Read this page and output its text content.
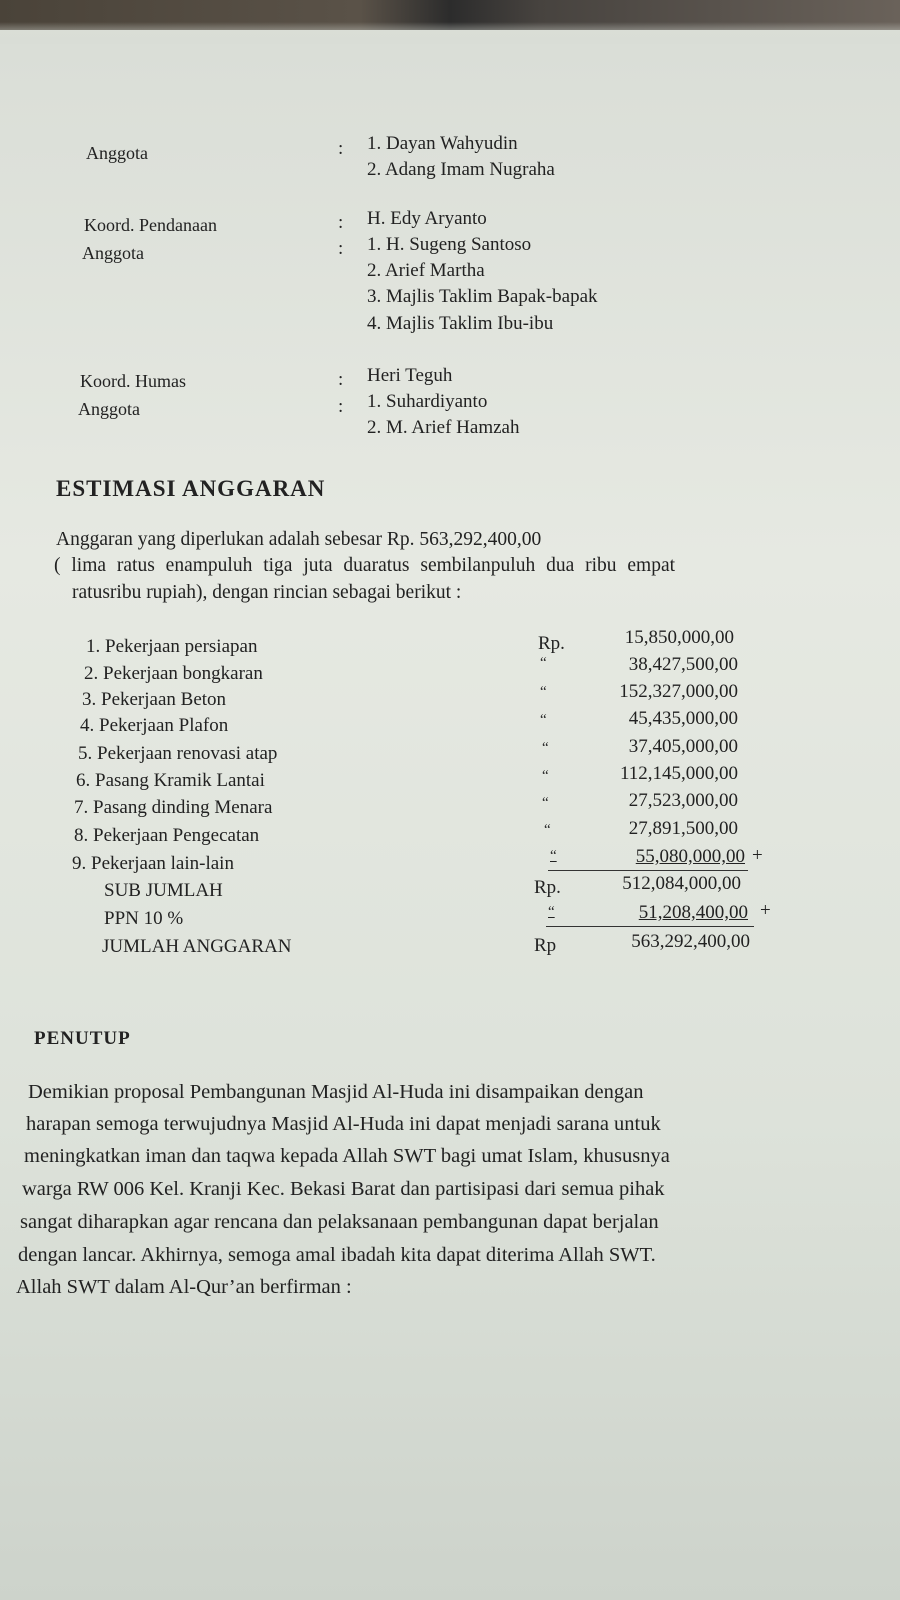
Anggota	: 1. Dayan Wahyudin
2. Adang Imam Nugraha
Koord. Pendanaan	: H. Edy Aryanto
Anggota	: 1. H. Sugeng Santoso
2. Arief Martha
3. Majlis Taklim Bapak-bapak
4. Majlis Taklim Ibu-ibu
Koord. Humas	: Heri Teguh
Anggota	: 1. Suhardiyanto
2. M. Arief Hamzah
ESTIMASI ANGGARAN
Anggaran yang diperlukan adalah sebesar Rp. 563,292,400,00
( lima ratus enampuluh tiga juta duaratus sembilanpuluh dua ribu empat
ratusribu rupiah), dengan rincian sebagai berikut :
1. Pekerjaan persiapan	Rp.	15,850,000,00
2. Pekerjaan bongkaran	“	38,427,500,00
3. Pekerjaan Beton	“	152,327,000,00
4. Pekerjaan Plafon	“	45,435,000,00
5. Pekerjaan renovasi atap	“	37,405,000,00
6. Pasang Kramik Lantai	“	112,145,000,00
7. Pasang dinding Menara	“	27,523,000,00
8. Pekerjaan Pengecatan	“	27,891,500,00
9. Pekerjaan lain-lain	“	55,080,000,00 +
SUB JUMLAH	Rp.	512,084,000,00
PPN 10 %	“	51,208,400,00 +
JUMLAH ANGGARAN	Rp	563,292,400,00
PENUTUP
Demikian proposal Pembangunan Masjid Al-Huda ini disampaikan dengan
harapan semoga terwujudnya Masjid Al-Huda ini dapat menjadi sarana untuk
meningkatkan iman dan taqwa kepada Allah SWT bagi umat Islam, khususnya
warga RW 006 Kel. Kranji Kec. Bekasi Barat dan partisipasi dari semua pihak
sangat diharapkan agar rencana dan pelaksanaan pembangunan dapat berjalan
dengan lancar. Akhirnya, semoga amal ibadah kita dapat diterima Allah SWT.
Allah SWT dalam Al-Qur’an berfirman :
